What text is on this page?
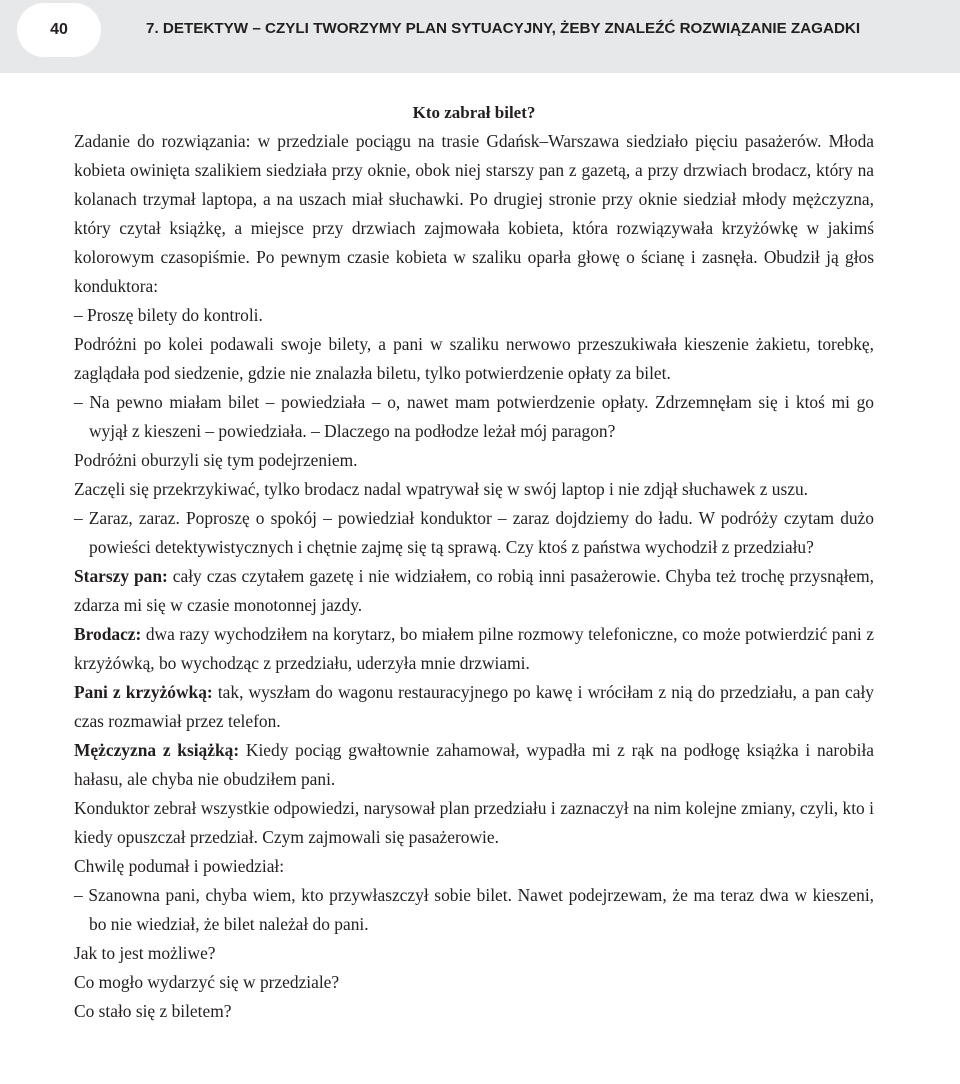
40	7. DETEKTYW – CZYLI TWORZYMY PLAN SYTUACYJNY, ŻEBY ZNALEŹĆ ROZWIĄZANIE ZAGADKI
Kto zabrał bilet?

Zadanie do rozwiązania: w przedziale pociągu na trasie Gdańsk–Warszawa siedziało pięciu pasażerów. Młoda kobieta owinięta szalikiem siedziała przy oknie, obok niej starszy pan z gazetą, a przy drzwiach brodacz, który na kolanach trzymał laptopa, a na uszach miał słuchawki. Po drugiej stronie przy oknie siedział młody mężczyzna, który czytał książkę, a miejsce przy drzwiach zajmowała kobieta, która rozwiązywała krzyżówkę w jakimś kolorowym czasopiśmie. Po pewnym czasie kobieta w szaliku oparła głowę o ścianę i zasnęła. Obudził ją głos konduktora:

– Proszę bilety do kontroli.

Podróżni po kolei podawali swoje bilety, a pani w szaliku nerwowo przeszukiwała kieszenie żakietu, torebkę, zaglądała pod siedzenie, gdzie nie znalazła biletu, tylko potwierdzenie opłaty za bilet.

– Na pewno miałam bilet – powiedziała – o, nawet mam potwierdzenie opłaty. Zdrzemnęłam się i ktoś mi go wyjął z kieszeni – powiedziała. – Dlaczego na podłodze leżał mój paragon?

Podróżni oburzyli się tym podejrzeniem.

Zaczęli się przekrzykiwać, tylko brodacz nadal wpatrywał się w swój laptop i nie zdjął słuchawek z uszu.

– Zaraz, zaraz. Poproszę o spokój – powiedział konduktor – zaraz dojdziemy do ładu. W podróży czytam dużo powieści detektywistycznych i chętnie zajmę się tą sprawą. Czy ktoś z państwa wychodził z przedziału?

Starszy pan: cały czas czytałem gazetę i nie widziałem, co robią inni pasażerowie. Chyba też trochę przysnąłem, zdarza mi się w czasie monotonnej jazdy.

Brodacz: dwa razy wychodziłem na korytarz, bo miałem pilne rozmowy telefoniczne, co może potwierdzić pani z krzyżówką, bo wychodząc z przedziału, uderzyła mnie drzwiami.

Pani z krzyżówką: tak, wyszłam do wagonu restauracyjnego po kawę i wróciłam z nią do przedziału, a pan cały czas rozmawiał przez telefon.

Mężczyzna z książką: Kiedy pociąg gwałtownie zahamował, wypadła mi z rąk na podłogę książka i narobiła hałasu, ale chyba nie obudziłem pani.

Konduktor zebrał wszystkie odpowiedzi, narysował plan przedziału i zaznaczył na nim kolejne zmiany, czyli, kto i kiedy opuszczał przedział. Czym zajmowali się pasażerowie.

Chwilę podumał i powiedział:

– Szanowna pani, chyba wiem, kto przywłaszczył sobie bilet. Nawet podejrzewam, że ma teraz dwa w kieszeni, bo nie wiedział, że bilet należał do pani.

Jak to jest możliwe?

Co mogło wydarzyć się w przedziale?

Co stało się z biletem?
